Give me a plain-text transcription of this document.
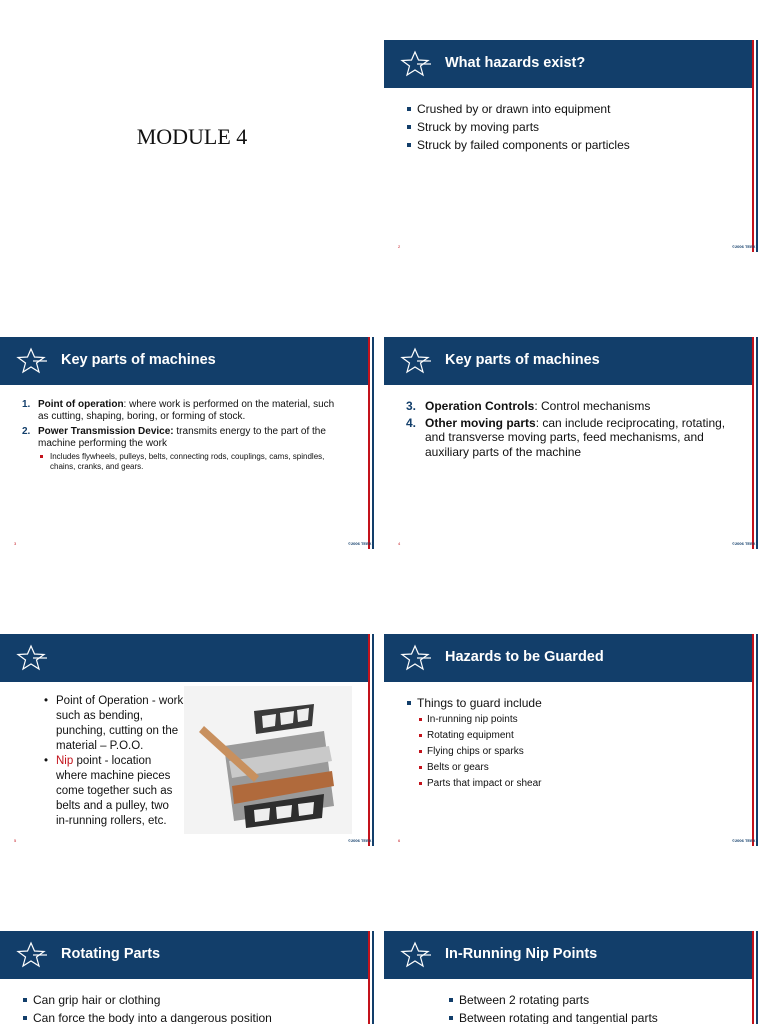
MODULE 4
What hazards exist?
Crushed by or drawn into equipment
Struck by moving parts
Struck by failed components or particles
2	©2006 TEEX
Key parts of machines
1. Point of operation: where work is performed on the material, such as cutting, shaping, boring, or forming of stock.
2. Power Transmission Device: transmits energy to the part of the machine performing the work
Includes flywheels, pulleys, belts, connecting rods, couplings, cams, spindles, chains, cranks, and gears.
3	©2006 TEEX
Key parts of machines
3. Operation Controls: Control mechanisms
4. Other moving parts: can include reciprocating, rotating, and transverse moving parts, feed mechanisms, and auxiliary parts of the machine
4	©2006 TEEX
• Point of Operation - work such as bending, punching, cutting on the material – P.O.O.
• Nip point - location where machine pieces come together such as belts and a pulley, two in-running rollers, etc.
5	©2006 TEEX
Hazards to be Guarded
Things to guard include
In-running nip points
Rotating equipment
Flying chips or sparks
Belts or gears
Parts that impact or shear
6	©2006 TEEX
Rotating Parts
Can grip hair or clothing
Can force the body into a dangerous position
In-Running Nip Points
Between 2 rotating parts
Between rotating and tangential parts
